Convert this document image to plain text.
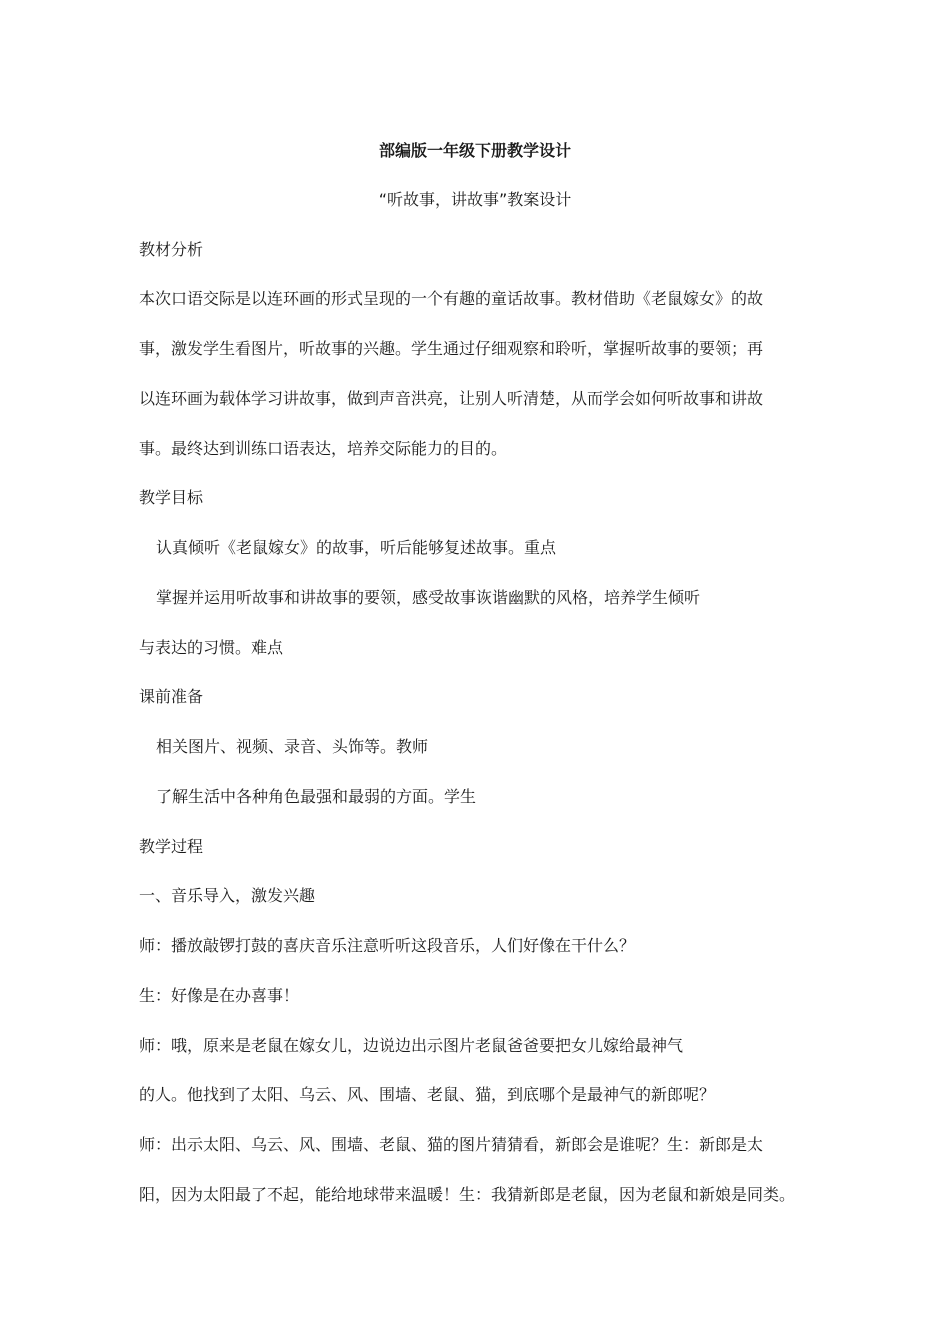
部编版一年级下册教学设计
“听故事，讲故事”教案设计
教材分析
本次口语交际是以连环画的形式呈现的一个有趣的童话故事。教材借助《老鼠嫁女》的故
事，激发学生看图片，听故事的兴趣。学生通过仔细观察和聆听，掌握听故事的要领；再
以连环画为载体学习讲故事，做到声音洪亮，让别人听清楚，从而学会如何听故事和讲故
事。最终达到训练口语表达，培养交际能力的目的。
教学目标
认真倾听《老鼠嫁女》的故事，听后能够复述故事。重点
掌握并运用听故事和讲故事的要领，感受故事诙谐幽默的风格，培养学生倾听
与表达的习惯。难点
课前准备
相关图片、视频、录音、头饰等。教师
了解生活中各种角色最强和最弱的方面。学生
教学过程
一、音乐导入，激发兴趣
师：播放敲锣打鼓的喜庆音乐注意听听这段音乐，人们好像在干什么？
生：好像是在办喜事！
师：哦，原来是老鼠在嫁女儿，边说边出示图片老鼠爸爸要把女儿嫁给最神气
的人。他找到了太阳、乌云、风、围墙、老鼠、猫，到底哪个是最神气的新郎呢？
师：出示太阳、乌云、风、围墙、老鼠、猫的图片猜猜看，新郎会是谁呢？生：新郎是太
阳，因为太阳最了不起，能给地球带来温暖！生：我猜新郎是老鼠，因为老鼠和新娘是同类。
